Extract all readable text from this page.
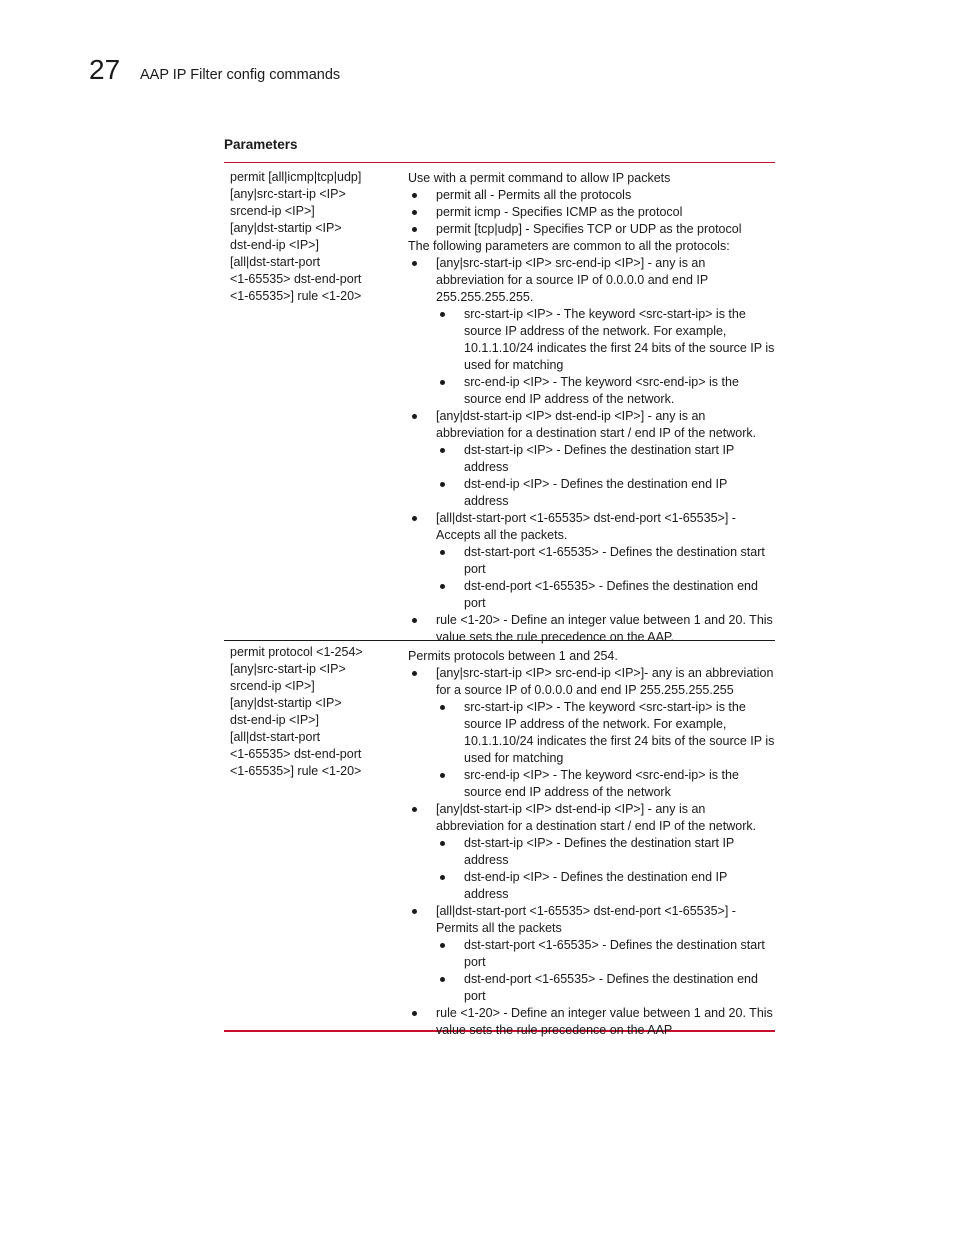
27 AAP IP Filter config commands
Parameters
permit [all|icmp|tcp|udp]
[any|src-start-ip <IP>
srcend-ip <IP>]
[any|dst-startip <IP>
dst-end-ip <IP>]
[all|dst-start-port
<1-65535> dst-end-port
<1-65535>] rule <1-20>
Use with a permit command to allow IP packets
permit all - Permits all the protocols
permit icmp - Specifies ICMP as the protocol
permit [tcp|udp] - Specifies TCP or UDP as the protocol
The following parameters are common to all the protocols:
[any|src-start-ip <IP> src-end-ip <IP>] - any is an abbreviation for a source IP of 0.0.0.0 and end IP 255.255.255.255.
src-start-ip <IP> - The keyword <src-start-ip> is the source IP address of the network. For example, 10.1.1.10/24 indicates the first 24 bits of the source IP is used for matching
src-end-ip <IP> - The keyword <src-end-ip> is the source end IP address of the network.
[any|dst-start-ip <IP> dst-end-ip <IP>] - any is an abbreviation for a destination start / end IP of the network.
dst-start-ip <IP> - Defines the destination start IP address
dst-end-ip <IP> - Defines the destination end IP address
[all|dst-start-port <1-65535> dst-end-port <1-65535>] - Accepts all the packets.
dst-start-port <1-65535> - Defines the destination start port
dst-end-port <1-65535> - Defines the destination end port
rule <1-20> - Define an integer value between 1 and 20. This value sets the rule precedence on the AAP.
permit protocol <1-254>
[any|src-start-ip <IP>
srcend-ip <IP>]
[any|dst-startip <IP>
dst-end-ip <IP>]
[all|dst-start-port
<1-65535> dst-end-port
<1-65535>] rule <1-20>
Permits protocols between 1 and 254.
[any|src-start-ip <IP> src-end-ip <IP>]- any is an abbreviation for a source IP of 0.0.0.0 and end IP 255.255.255.255
src-start-ip <IP> - The keyword <src-start-ip> is the source IP address of the network. For example, 10.1.1.10/24 indicates the first 24 bits of the source IP is used for matching
src-end-ip <IP> - The keyword <src-end-ip> is the source end IP address of the network
[any|dst-start-ip <IP> dst-end-ip <IP>] - any is an abbreviation for a destination start / end IP of the network.
dst-start-ip <IP> - Defines the destination start IP address
dst-end-ip <IP> - Defines the destination end IP address
[all|dst-start-port <1-65535> dst-end-port <1-65535>] - Permits all the packets
dst-start-port <1-65535> - Defines the destination start port
dst-end-port <1-65535> - Defines the destination end port
rule <1-20> - Define an integer value between 1 and 20. This value sets the rule precedence on the AAP
